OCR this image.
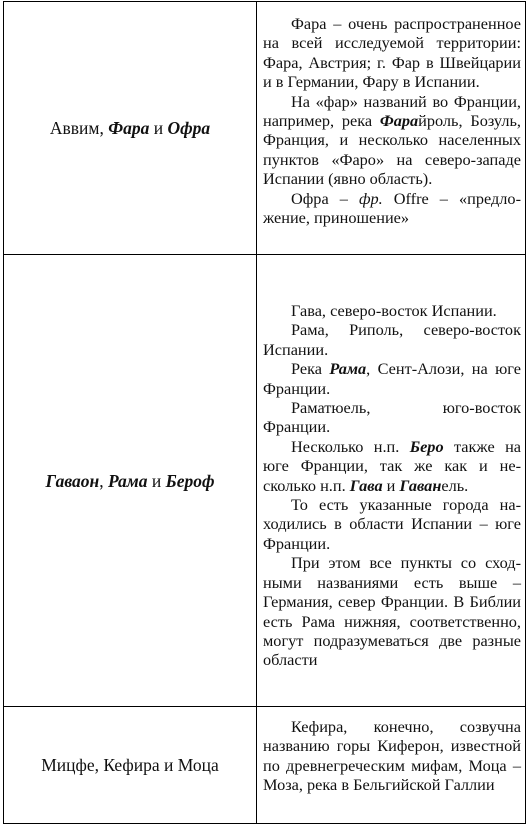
Аввим, Фара и Офра

Фара – очень распространенное на всей исследуемой территории: Фара, Австрия; г. Фар в Швейцарии и в Германии, Фару в Испании.

На «фар» названий во Франции, например, река Фарайроль, Бозуль, Франция, и несколько населенных пунктов «Фаро» на северо-западе Испании (явно область).

Офра – фр. Offre – «предложение, приношение»

Гаваон, Рама и Бероф

Гава, северо-восток Испании.

Рама, Риполь, северо-восток Испании.

Река Рама, Сент-Алози, на юге Франции.

Раматюель, юго-восток Франции.

Несколько н.п. Беро также на юге Франции, так же как и несколько н.п. Гава и Гаванель.

То есть указанные города находились в области Испании – юге Франции.

При этом все пункты со сходными названиями есть выше – Германия, север Франции. В Библии есть Рама нижняя, соответственно, могут подразумеваться две разные области

Мицфе, Кефира и Моца

Кефира, конечно, созвучна названию горы Киферон, известной по древнегреческим мифам, Моца – Моза, река в Бельгийской Галлии
